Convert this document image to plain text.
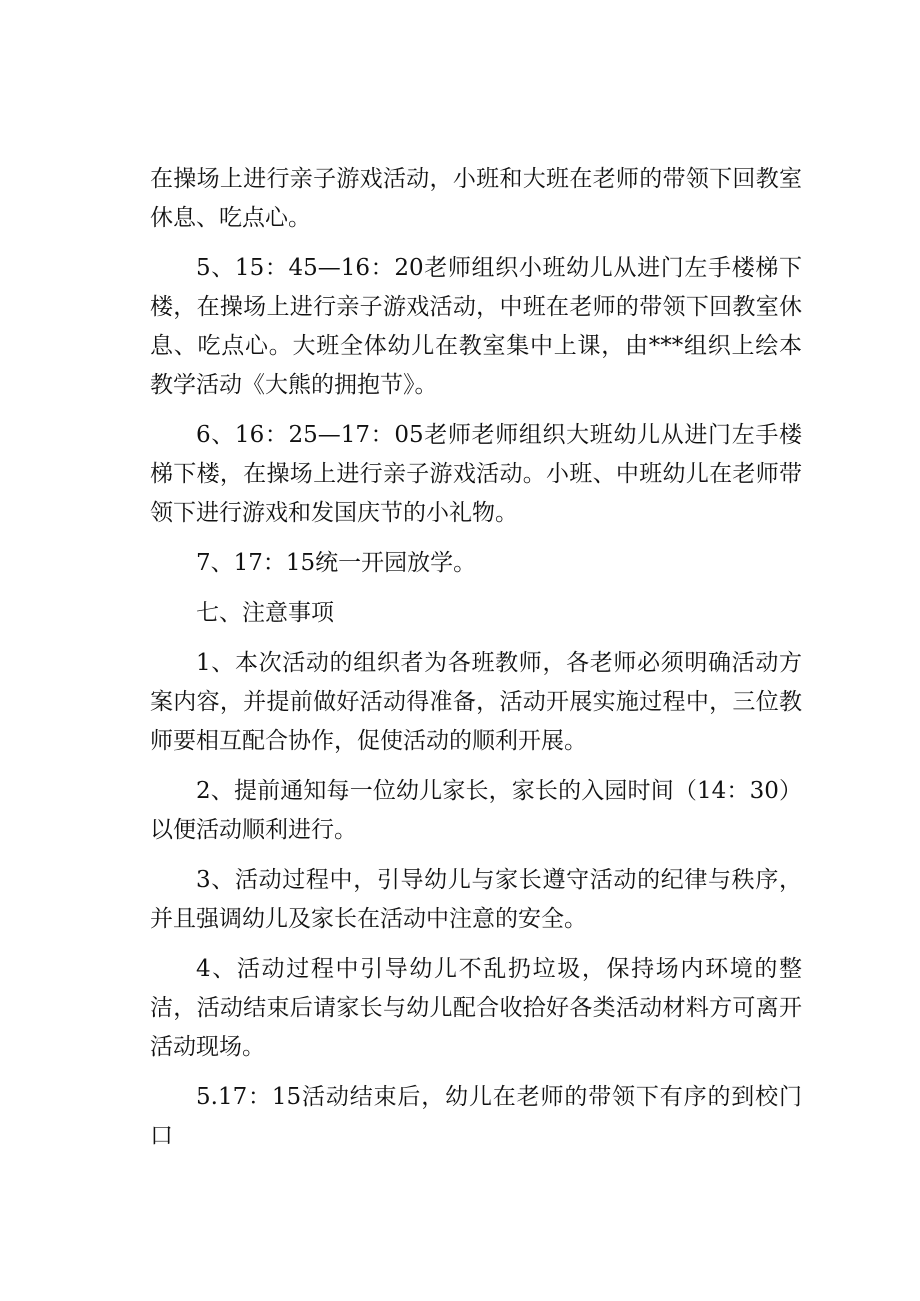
在操场上进行亲子游戏活动，小班和大班在老师的带领下回教室休息、吃点心。

5、15：45—16：20老师组织小班幼儿从进门左手楼梯下楼，在操场上进行亲子游戏活动，中班在老师的带领下回教室休息、吃点心。大班全体幼儿在教室集中上课，由***组织上绘本教学活动《大熊的拥抱节》。

6、16：25—17：05老师老师组织大班幼儿从进门左手楼梯下楼，在操场上进行亲子游戏活动。小班、中班幼儿在老师带领下进行游戏和发国庆节的小礼物。

7、17：15统一开园放学。

七、注意事项

1、本次活动的组织者为各班教师，各老师必须明确活动方案内容，并提前做好活动得准备，活动开展实施过程中，三位教师要相互配合协作，促使活动的顺利开展。

2、提前通知每一位幼儿家长，家长的入园时间（14：30）以便活动顺利进行。

3、活动过程中，引导幼儿与家长遵守活动的纪律与秩序，并且强调幼儿及家长在活动中注意的安全。

4、活动过程中引导幼儿不乱扔垃圾，保持场内环境的整洁，活动结束后请家长与幼儿配合收拾好各类活动材料方可离开活动现场。

5.17：15活动结束后，幼儿在老师的带领下有序的到校门口
